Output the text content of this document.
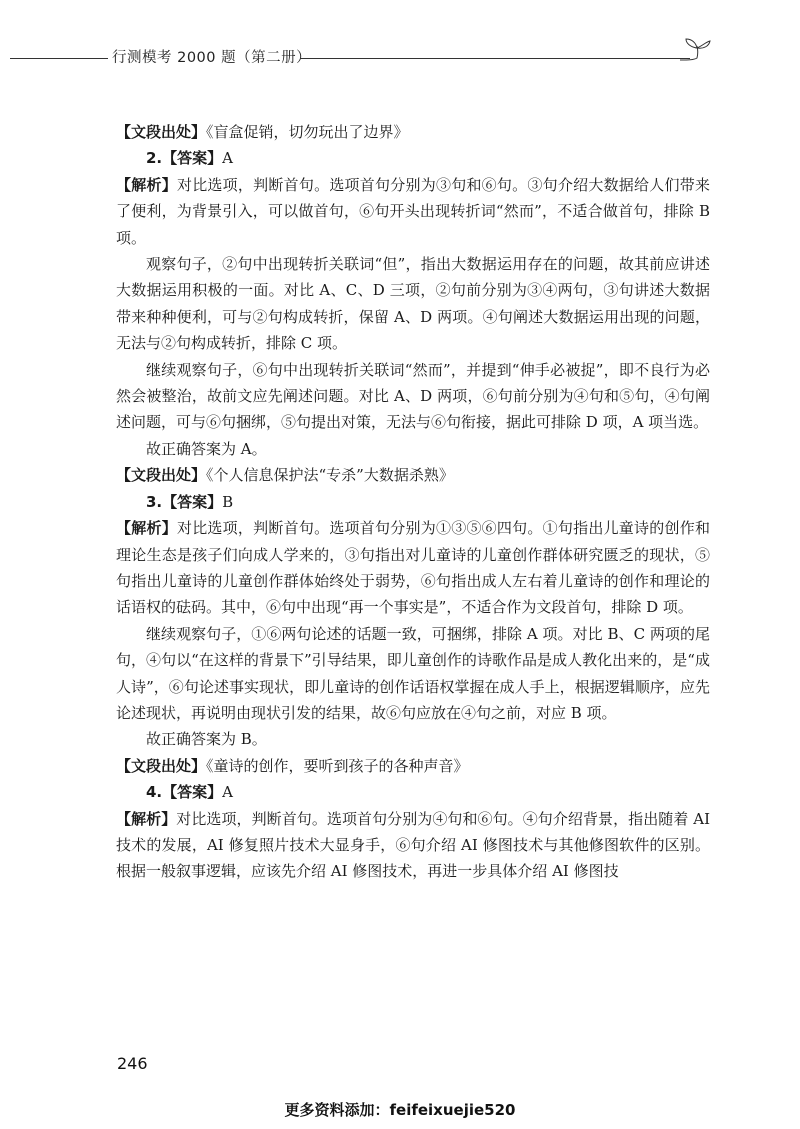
行测模考 2000 题（第二册）

【文段出处】《盲盒促销，切勿玩出了边界》

2.【答案】A

【解析】对比选项，判断首句。选项首句分别为③句和⑥句。③句介绍大数据给人们带来了便利，为背景引入，可以做首句，⑥句开头出现转折词“然而”，不适合做首句，排除 B 项。

观察句子，②句中出现转折关联词“但”，指出大数据运用存在的问题，故其前应讲述大数据运用积极的一面。对比 A、C、D 三项，②句前分别为③④两句，③句讲述大数据带来种种便利，可与②句构成转折，保留 A、D 两项。④句阐述大数据运用出现的问题，无法与②句构成转折，排除 C 项。

继续观察句子，⑥句中出现转折关联词“然而”，并提到“伸手必被捉”，即不良行为必然会被整治，故前文应先阐述问题。对比 A、D 两项，⑥句前分别为④句和⑤句，④句阐述问题，可与⑥句捆绑，⑤句提出对策，无法与⑥句衔接，据此可排除 D 项，A 项当选。

故正确答案为 A。

【文段出处】《个人信息保护法“专杀”大数据杀熟》

3.【答案】B

【解析】对比选项，判断首句。选项首句分别为①③⑤⑥四句。①句指出儿童诗的创作和理论生态是孩子们向成人学来的，③句指出对儿童诗的儿童创作群体研究匮乏的现状，⑤句指出儿童诗的儿童创作群体始终处于弱势，⑥句指出成人左右着儿童诗的创作和理论的话语权的砝码。其中，⑥句中出现“再一个事实是”，不适合作为文段首句，排除 D 项。

继续观察句子，①⑥两句论述的话题一致，可捆绑，排除 A 项。对比 B、C 两项的尾句，④句以“在这样的背景下”引导结果，即儿童创作的诗歌作品是成人教化出来的，是“成人诗”，⑥句论述事实现状，即儿童诗的创作话语权掌握在成人手上，根据逻辑顺序，应先论述现状，再说明由现状引发的结果，故⑥句应放在④句之前，对应 B 项。

故正确答案为 B。

【文段出处】《童诗的创作，要听到孩子的各种声音》

4.【答案】A

【解析】对比选项，判断首句。选项首句分别为④句和⑥句。④句介绍背景，指出随着 AI 技术的发展，AI 修复照片技术大显身手，⑥句介绍 AI 修图技术与其他修图软件的区别。根据一般叙事逻辑，应该先介绍 AI 修图技术，再进一步具体介绍 AI 修图技

246
更多资料添加：feifeixuejie520
